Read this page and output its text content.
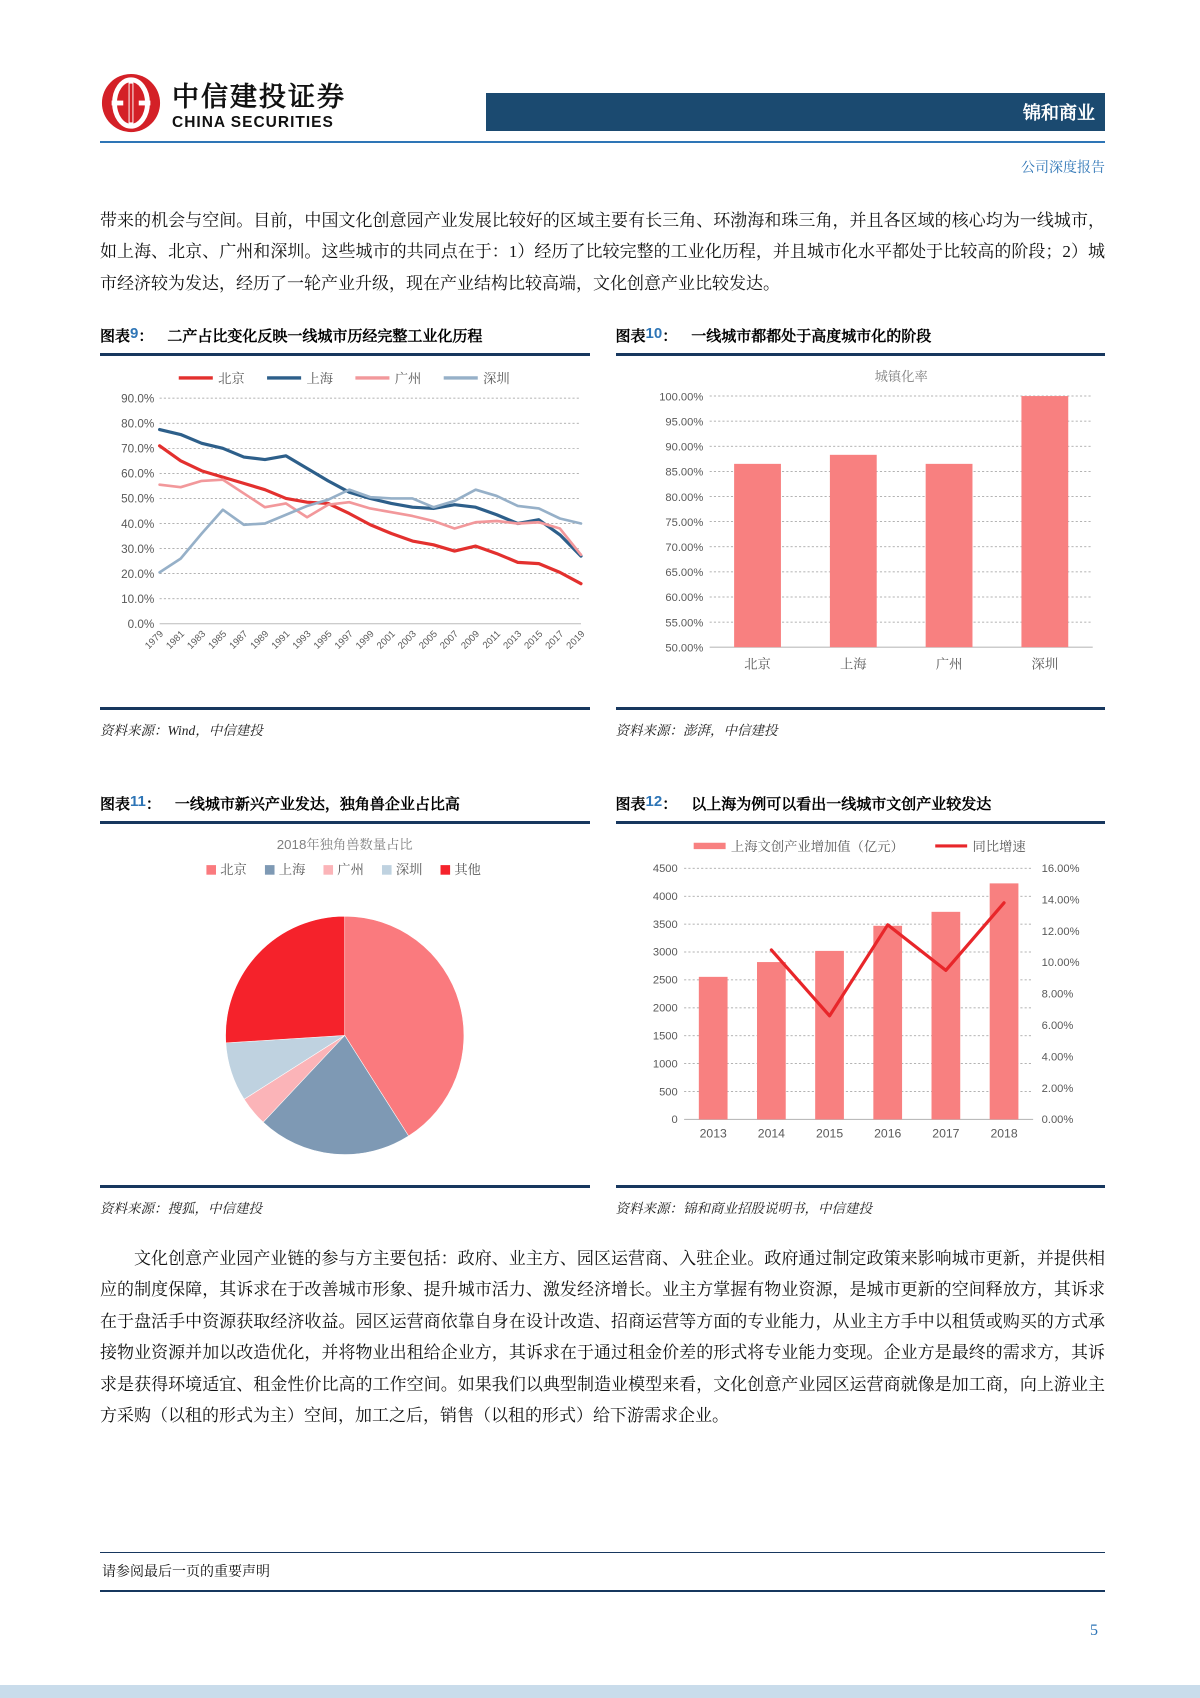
中信建投证券
CHINA SECURITIES	锦和商业
公司深度报告

带来的机会与空间。目前，中国文化创意园产业发展比较好的区域主要有长三角、环渤海和珠三角，并且各区域的核心均为一线城市，如上海、北京、广州和深圳。这些城市的共同点在于：1）经历了比较完整的工业化历程，并且城市化水平都处于比较高的阶段；2）城市经济较为发达，经历了一轮产业升级，现在产业结构比较高端，文化创意产业比较发达。

图表 9 ： 二产占比变化反映一线城市历经完整工业化历程
0.0%
10.0%
20.0%
30.0%
40.0%
50.0%
60.0%
70.0%
80.0%
90.0%
1979
1981
1983
1985
1987
1989
1991
1993
1995
1997
1999
2001
2003
2005
2007
2009
2011
2013
2015
2017
2019
北京	上海	广州	深圳
资料来源：Wind，中信建投
图表 10 ： 一线城市都都处于高度城市化的阶段
城镇化率
50.00%
55.00%
60.00%
65.00%
70.00%
75.00%
80.00%
85.00%
90.00%
95.00%
100.00%
北京	上海	广州	深圳
资料来源：澎湃，中信建投
图表 11 ： 一线城市新兴产业发达，独角兽企业占比高
2018年独角兽数量占比
北京	上海	广州	深圳	其他
资料来源：搜狐，中信建投
图表 12 ： 以上海为例可以看出一线城市文创产业较发达
上海文创产业增加值（亿元）	同比增速
0
500
1000
1500
2000
2500
3000
3500
4000
4500
0.00%
2.00%
4.00%
6.00%
8.00%
10.00%
12.00%
14.00%
16.00%
2013	2014	2015	2016	2017	2018
资料来源：锦和商业招股说明书，中信建投

文化创意产业园产业链的参与方主要包括：政府、业主方、园区运营商、入驻企业。政府通过制定政策来影响城市更新，并提供相应的制度保障，其诉求在于改善城市形象、提升城市活力、激发经济增长。业主方掌握有物业资源，是城市更新的空间释放方，其诉求在于盘活手中资源获取经济收益。园区运营商依靠自身在设计改造、招商运营等方面的专业能力，从业主方手中以租赁或购买的方式承接物业资源并加以改造优化，并将物业出租给企业方，其诉求在于通过租金价差的形式将专业能力变现。企业方是最终的需求方，其诉求是获得环境适宜、租金性价比高的工作空间。如果我们以典型制造业模型来看，文化创意产业园区运营商就像是加工商，向上游业主方采购（以租的形式为主）空间，加工之后，销售（以租的形式）给下游需求企业。

请参阅最后一页的重要声明
5
